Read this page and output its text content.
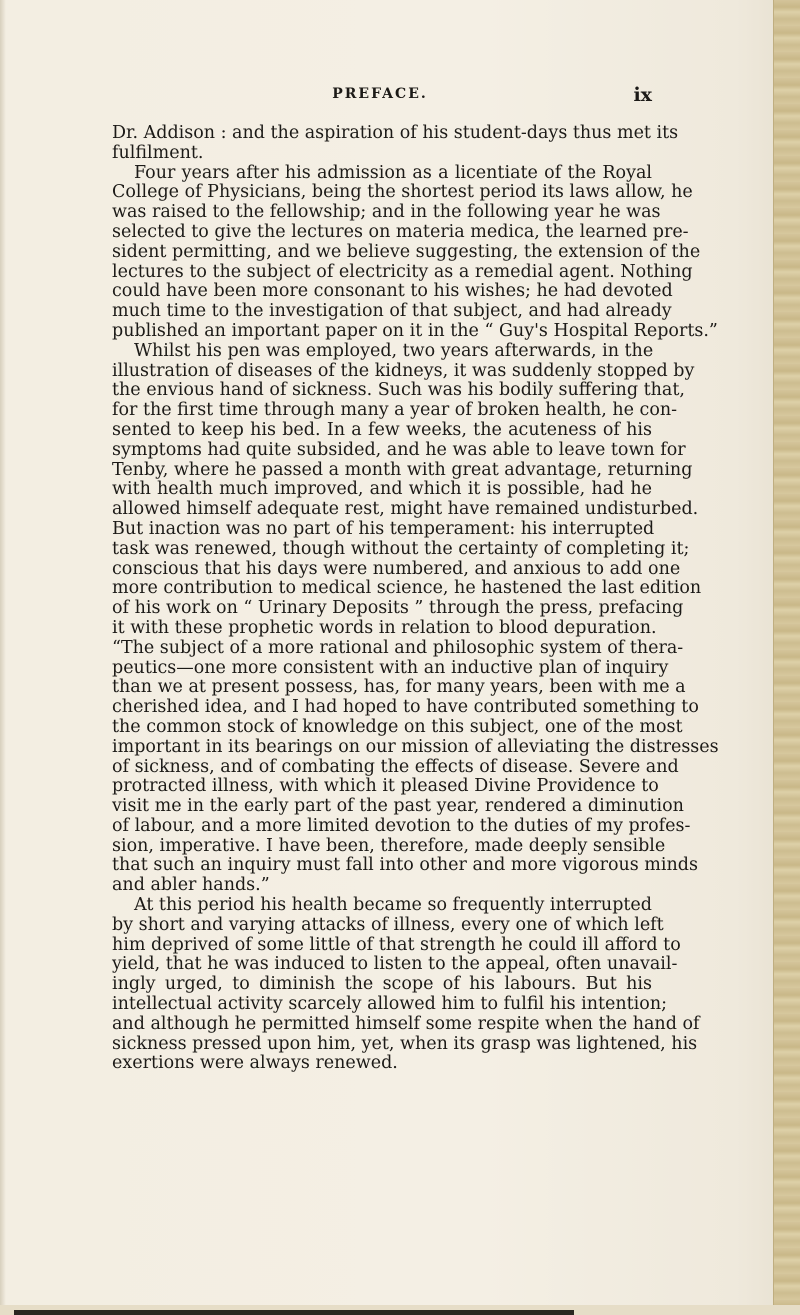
PREFACE.	ix
Dr. Addison : and the aspiration of his student-days thus met its
fulfilment.
Four years after his admission as a licentiate of the Royal
College of Physicians, being the shortest period its laws allow, he
was raised to the fellowship; and in the following year he was
selected to give the lectures on materia medica, the learned pre-
sident permitting, and we believe suggesting, the extension of the
lectures to the subject of electricity as a remedial agent. Nothing
could have been more consonant to his wishes; he had devoted
much time to the investigation of that subject, and had already
published an important paper on it in the “ Guy's Hospital Reports.”
Whilst his pen was employed, two years afterwards, in the
illustration of diseases of the kidneys, it was suddenly stopped by
the envious hand of sickness. Such was his bodily suffering that,
for the first time through many a year of broken health, he con-
sented to keep his bed. In a few weeks, the acuteness of his
symptoms had quite subsided, and he was able to leave town for
Tenby, where he passed a month with great advantage, returning
with health much improved, and which it is possible, had he
allowed himself adequate rest, might have remained undisturbed.
But inaction was no part of his temperament: his interrupted
task was renewed, though without the certainty of completing it;
conscious that his days were numbered, and anxious to add one
more contribution to medical science, he hastened the last edition
of his work on “ Urinary Deposits ” through the press, prefacing
it with these prophetic words in relation to blood depuration.
“The subject of a more rational and philosophic system of thera-
peutics—one more consistent with an inductive plan of inquiry
than we at present possess, has, for many years, been with me a
cherished idea, and I had hoped to have contributed something to
the common stock of knowledge on this subject, one of the most
important in its bearings on our mission of alleviating the distresses
of sickness, and of combating the effects of disease. Severe and
protracted illness, with which it pleased Divine Providence to
visit me in the early part of the past year, rendered a diminution
of labour, and a more limited devotion to the duties of my profes-
sion, imperative. I have been, therefore, made deeply sensible
that such an inquiry must fall into other and more vigorous minds
and abler hands.”
At this period his health became so frequently interrupted
by short and varying attacks of illness, every one of which left
him deprived of some little of that strength he could ill afford to
yield, that he was induced to listen to the appeal, often unavail-
ingly urged, to diminish the scope of his labours. But his
intellectual activity scarcely allowed him to fulfil his intention;
and although he permitted himself some respite when the hand of
sickness pressed upon him, yet, when its grasp was lightened, his
exertions were always renewed.
